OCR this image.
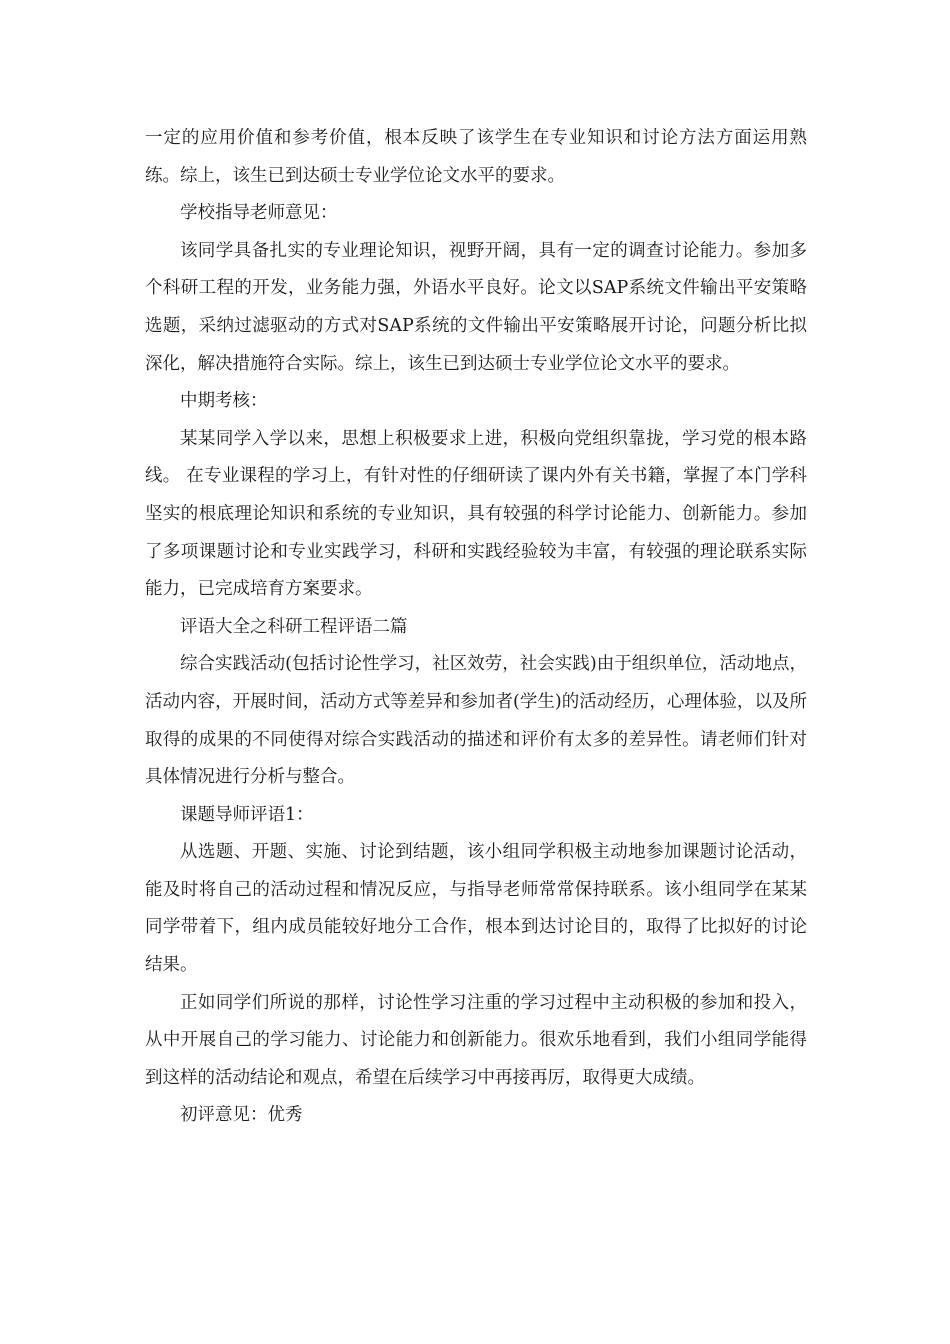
一定的应用价值和参考价值，根本反映了该学生在专业知识和讨论方法方面运用熟练。综上，该生已到达硕士专业学位论文水平的要求。

学校指导老师意见：

该同学具备扎实的专业理论知识，视野开阔，具有一定的调查讨论能力。参加多个科研工程的开发，业务能力强，外语水平良好。论文以SAP系统文件输出平安策略选题，采纳过滤驱动的方式对SAP系统的文件输出平安策略展开讨论，问题分析比拟深化，解决措施符合实际。综上，该生已到达硕士专业学位论文水平的要求。

中期考核：

某某同学入学以来，思想上积极要求上进，积极向党组织靠拢，学习党的根本路线。 在专业课程的学习上，有针对性的仔细研读了课内外有关书籍，掌握了本门学科坚实的根底理论知识和系统的专业知识，具有较强的科学讨论能力、创新能力。参加了多项课题讨论和专业实践学习，科研和实践经验较为丰富，有较强的理论联系实际能力，已完成培育方案要求。

评语大全之科研工程评语二篇

综合实践活动(包括讨论性学习，社区效劳，社会实践)由于组织单位，活动地点，活动内容，开展时间，活动方式等差异和参加者(学生)的活动经历，心理体验，以及所取得的成果的不同使得对综合实践活动的描述和评价有太多的差异性。请老师们针对具体情况进行分析与整合。

课题导师评语1：

从选题、开题、实施、讨论到结题，该小组同学积极主动地参加课题讨论活动，能及时将自己的活动过程和情况反应，与指导老师常常保持联系。该小组同学在某某同学带着下，组内成员能较好地分工合作，根本到达讨论目的，取得了比拟好的讨论结果。

正如同学们所说的那样，讨论性学习注重的学习过程中主动积极的参加和投入，从中开展自己的学习能力、讨论能力和创新能力。很欢乐地看到，我们小组同学能得到这样的活动结论和观点，希望在后续学习中再接再厉，取得更大成绩。

初评意见：优秀
